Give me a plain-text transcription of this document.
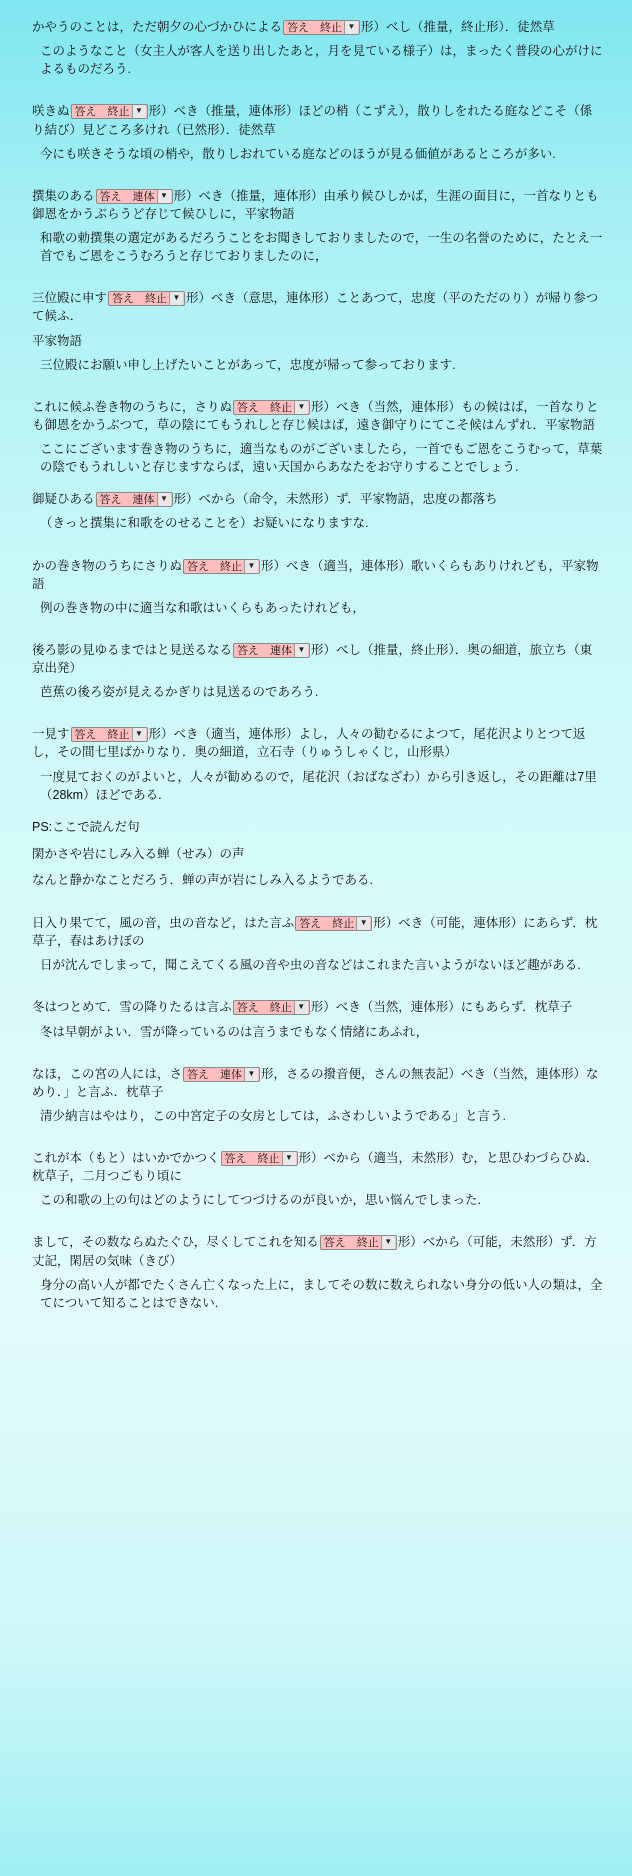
かやうのことは，ただ朝夕の心づかひによる 答え　終止 ▼ 形）べし（推量，終止形）．徒然草
このようなこと（女主人が客人を送り出したあと，月を見ている様子）は，まったく普段の心がけによるものだろう.
咲きぬ 答え　終止 ▼ 形）べき（推量，連体形）ほどの梢（こずえ），散りしをれたる庭などこそ（係り結び）見どころ多けれ（已然形）．徒然草
今にも咲きそうな頃の梢や，散りしおれている庭などのほうが見る価値があるところが多い.
撰集のある 答え　連体 ▼ 形）べき（推量，連体形）由承り候ひしかば，生涯の面目に，一首なりとも御恩をかうぶらうど存じて候ひしに，平家物語
和歌の勅撰集の選定があるだろうことをお聞きしておりましたので，一生の名誉のために，たとえ一首でもご恩をこうむろうと存じておりましたのに，
三位殿に申す 答え　終止 ▼ 形）べき（意思，連体形）ことあつて，忠度（平のただのり）が帰り参つて候ふ．
平家物語
三位殿にお願い申し上げたいことがあって，忠度が帰って参っております.
これに候ふ巻き物のうちに，さりぬ 答え　終止 ▼ 形）べき（当然，連体形）もの候はば，一首なりとも御恩をかうぶつて，草の陰にてもうれしと存じ候はば，遠き御守りにてこそ候はんずれ．平家物語
ここにございます巻き物のうちに，適当なものがございましたら，一首でもご恩をこうむって，草葉の陰でもうれしいと存じますならば，遠い天国からあなたをお守りすることでしょう.
御疑ひある 答え　連体 ▼ 形）べから（命令，未然形）ず．平家物語，忠度の都落ち
（きっと撰集に和歌をのせることを）お疑いになりますな.
かの巻き物のうちにさりぬ 答え　終止 ▼ 形）べき（適当，連体形）歌いくらもありけれども，平家物語
例の巻き物の中に適当な和歌はいくらもあったけれども，
後ろ影の見ゆるまではと見送るなる 答え　連体 ▼ 形）べし（推量，終止形）．奥の細道，旅立ち（東京出発）
芭蕉の後ろ姿が見えるかぎりは見送るのであろう.
一見す 答え　終止 ▼ 形）べき（適当，連体形）よし，人々の勧むるによつて，尾花沢よりとつて返し，その間七里ばかりなり．奥の細道，立石寺（りゅうしゃくじ，山形県）
一度見ておくのがよいと，人々が勧めるので，尾花沢（おばなざわ）から引き返し，その距離は7里（28km）ほどである.
PS:ここで読んだ句
閑かさや岩にしみ入る蝉（せみ）の声
なんと静かなことだろう．蝉の声が岩にしみ入るようである.
日入り果てて，風の音，虫の音など，はた言ふ 答え　終止 ▼ 形）べき（可能，連体形）にあらず．枕草子，春はあけぼの
日が沈んでしまって，聞こえてくる風の音や虫の音などはこれまた言いようがないほど趣がある.
冬はつとめて．雪の降りたるは言ふ 答え　終止 ▼ 形）べき（当然，連体形）にもあらず．枕草子
冬は早朝がよい．雪が降っているのは言うまでもなく情緒にあふれ，
なほ，この宮の人には，さ 答え　連体 ▼ 形，さるの撥音便，さんの無表記）べき（当然，連体形）なめり．」と言ふ．枕草子
清少納言はやはり，この中宮定子の女房としては，ふさわしいようである」と言う.
これが本（もと）はいかでかつく 答え　終止 ▼ 形）べから（適当，未然形）む，と思ひわづらひぬ．枕草子，二月つごもり頃に
この和歌の上の句はどのようにしてつづけるのが良いか，思い悩んでしまった.
まして，その数ならぬたぐひ，尽くしてこれを知る 答え　終止 ▼ 形）べから（可能，未然形）ず．方丈記，閑居の気味（きび）
身分の高い人が都でたくさん亡くなった上に，ましてその数に数えられない身分の低い人の類は，全てについて知ることはできない.
